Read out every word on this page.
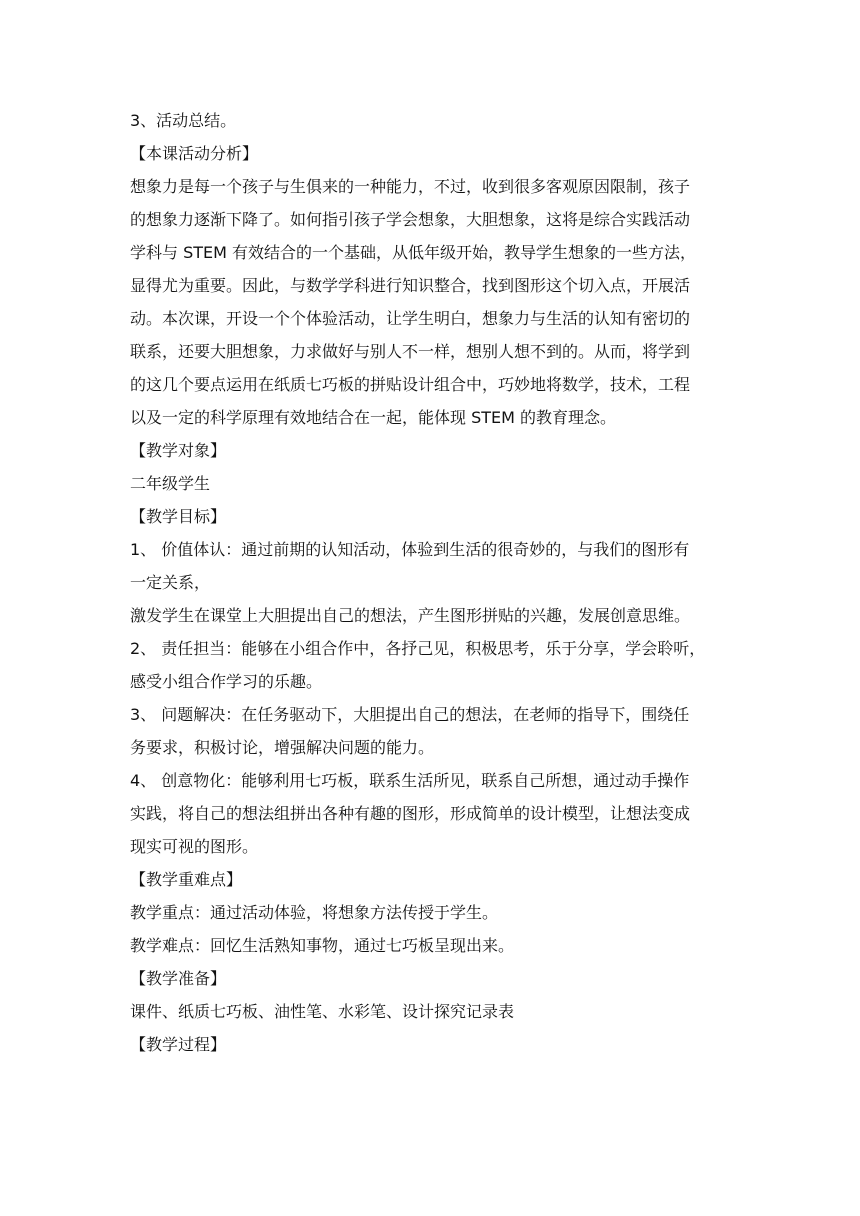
3、活动总结。

【本课活动分析】

想象力是每一个孩子与生俱来的一种能力，不过，收到很多客观原因限制，孩子

的想象力逐渐下降了。如何指引孩子学会想象，大胆想象，这将是综合实践活动

学科与 STEM 有效结合的一个基础，从低年级开始，教导学生想象的一些方法，

显得尤为重要。因此，与数学学科进行知识整合，找到图形这个切入点，开展活

动。本次课，开设一个个体验活动，让学生明白，想象力与生活的认知有密切的

联系，还要大胆想象，力求做好与别人不一样，想别人想不到的。从而，将学到

的这几个要点运用在纸质七巧板的拼贴设计组合中，巧妙地将数学，技术，工程

以及一定的科学原理有效地结合在一起，能体现 STEM 的教育理念。

【教学对象】

二年级学生

【教学目标】

1、 价值体认：通过前期的认知活动，体验到生活的很奇妙的，与我们的图形有

一定关系，

激发学生在课堂上大胆提出自己的想法，产生图形拼贴的兴趣，发展创意思维。

2、 责任担当：能够在小组合作中，各抒己见，积极思考，乐于分享，学会聆听，

感受小组合作学习的乐趣。

3、 问题解决：在任务驱动下，大胆提出自己的想法，在老师的指导下，围绕任

务要求，积极讨论，增强解决问题的能力。

4、 创意物化：能够利用七巧板，联系生活所见，联系自己所想，通过动手操作

实践，将自己的想法组拼出各种有趣的图形，形成简单的设计模型，让想法变成

现实可视的图形。

【教学重难点】

教学重点：通过活动体验，将想象方法传授于学生。

教学难点：回忆生活熟知事物，通过七巧板呈现出来。

【教学准备】

课件、纸质七巧板、油性笔、水彩笔、设计探究记录表

【教学过程】
